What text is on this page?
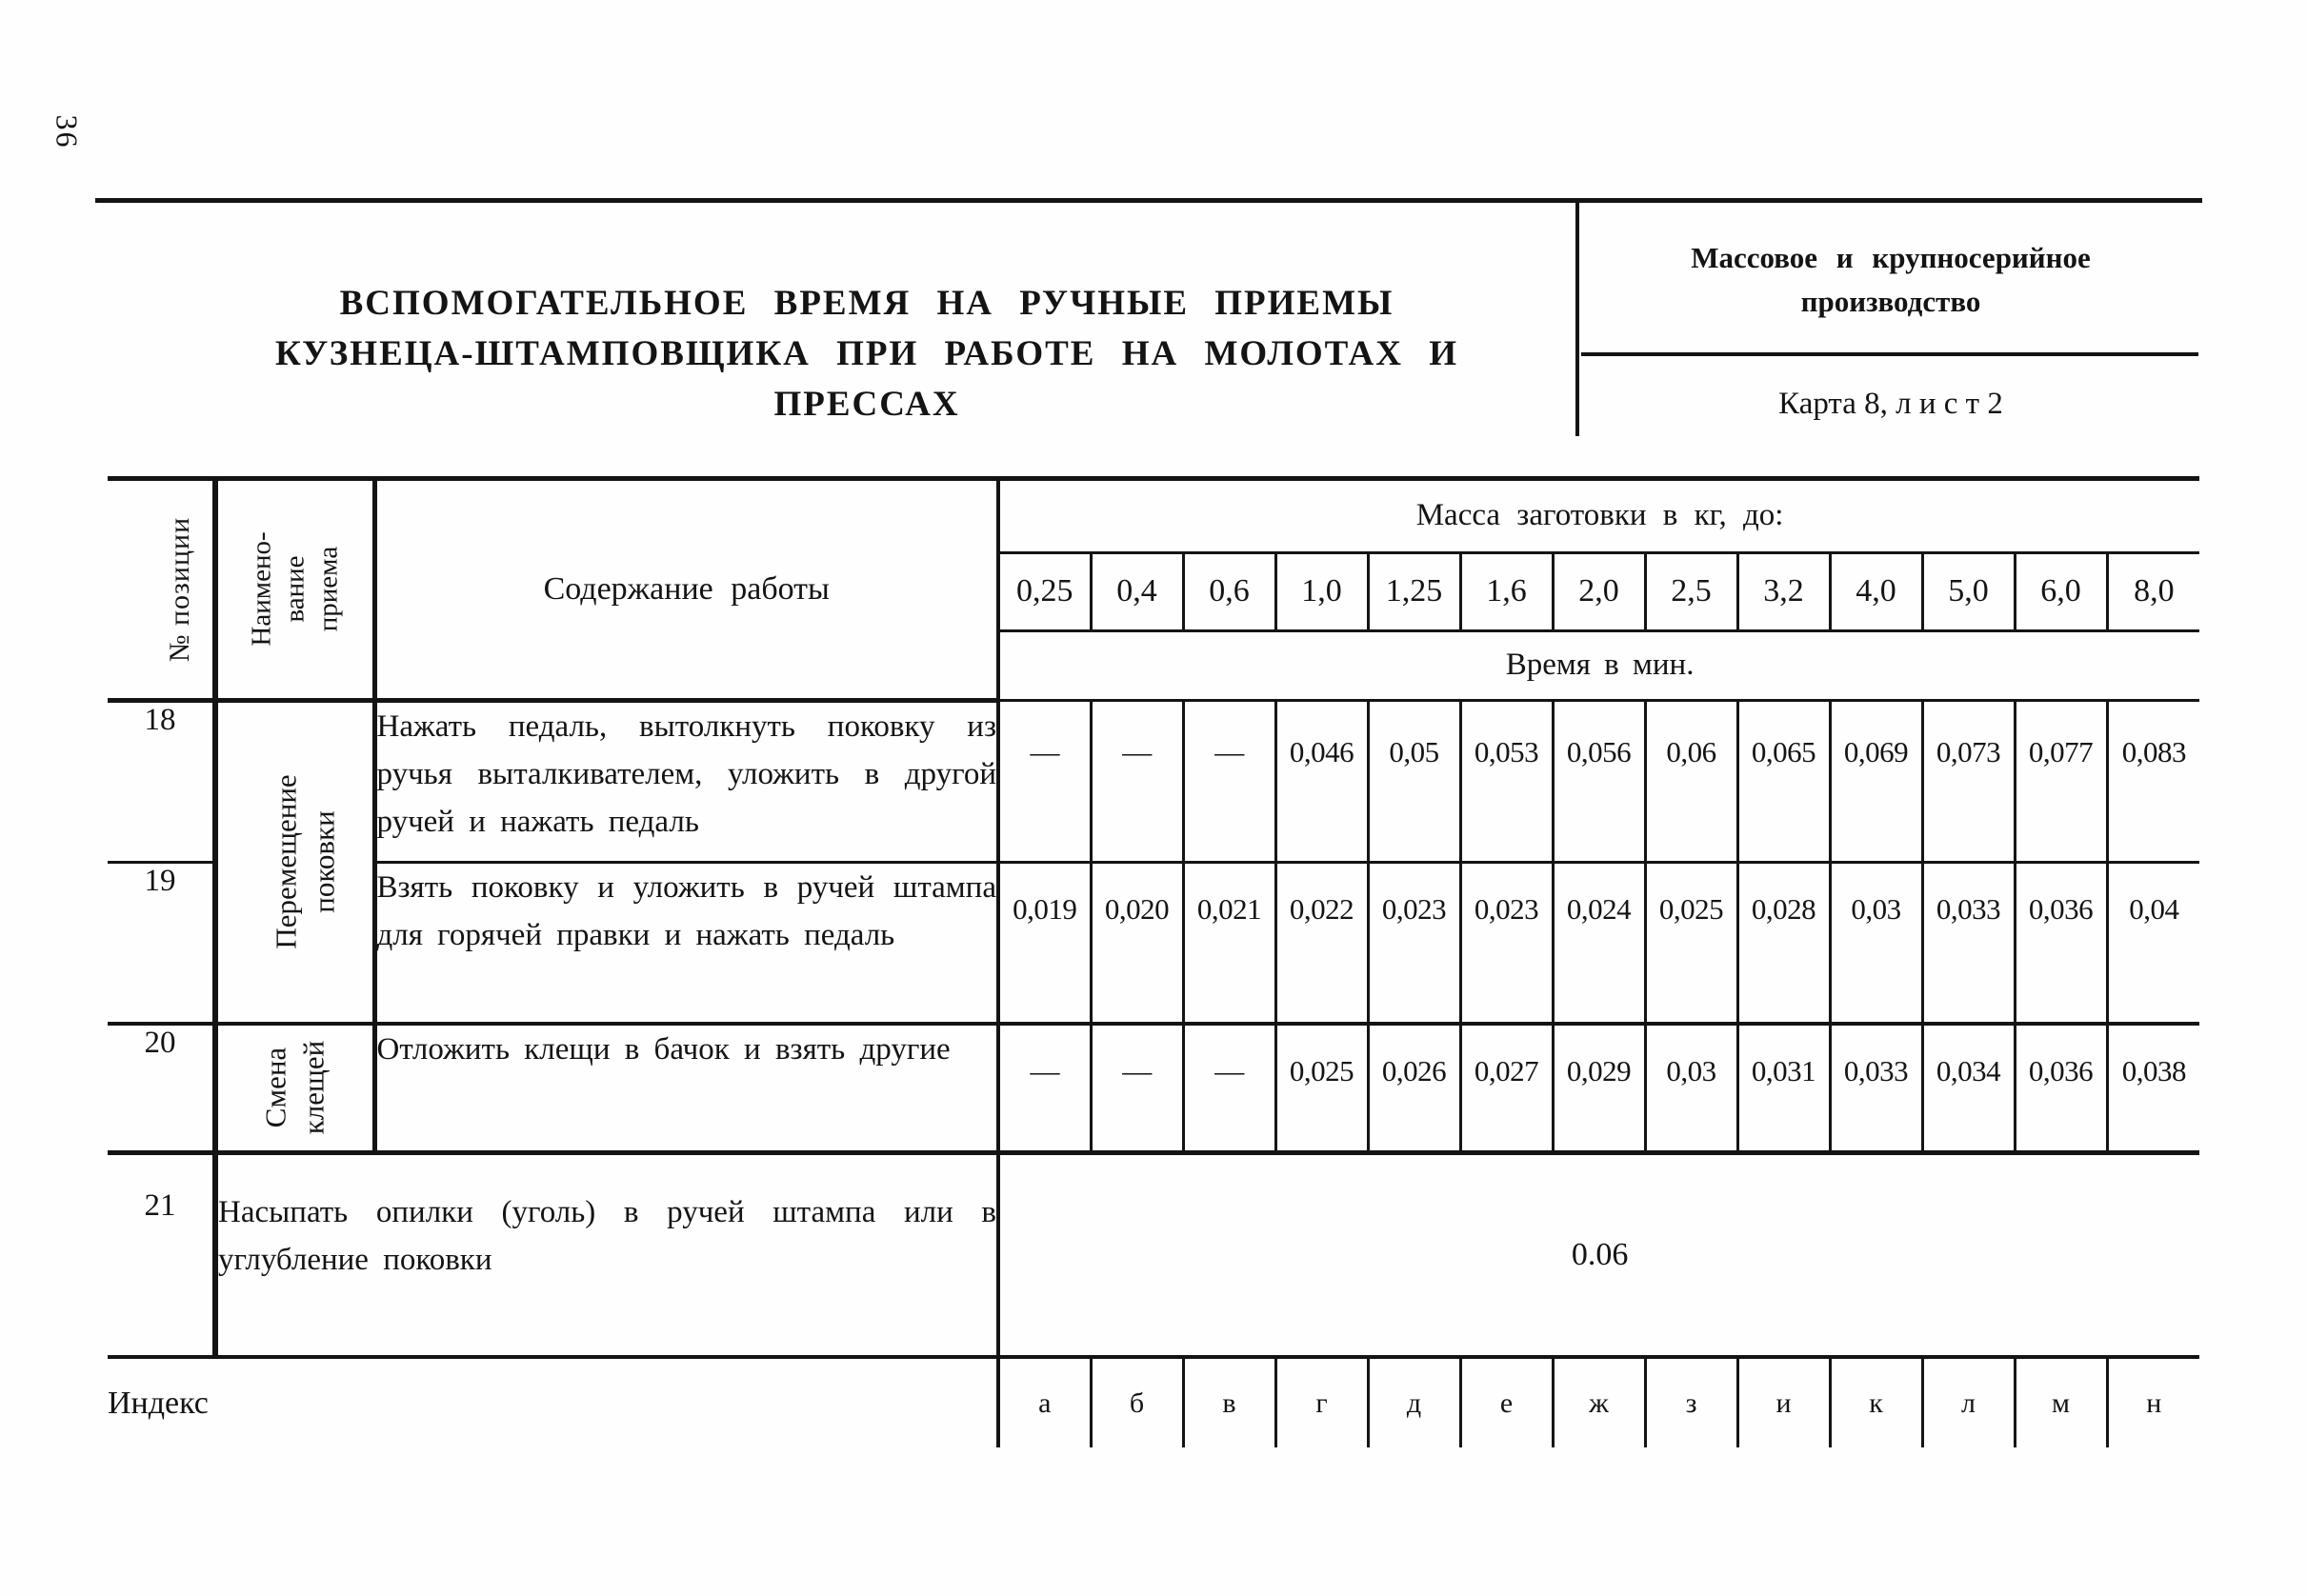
36
ВСПОМОГАТЕЛЬНОЕ ВРЕМЯ НА РУЧНЫЕ ПРИЕМЫ
КУЗНЕЦА-ШТАМПОВЩИКА ПРИ РАБОТЕ НА МОЛОТАХ И ПРЕССАХ
Массовое и крупносерийное производство
Карта 8, л и с т 2
№ позиции	Наимено- вание приема	Содержание работы	Масса заготовки в кг, до:												
			0,25	0,4	0,6	1,0	1,25	1,6	2,0	2,5	3,2	4,0	5,0	6,0	8,0
			Время в мин.												
18	Перемещение поковки	Нажать педаль, вытолкнуть поковку из ручья выталкивателем, уложить в другой ручей и нажать педаль	—	—	—	0,046	0,05	0,053	0,056	0,06	0,065	0,069	0,073	0,077	0,083
19		Взять поковку и уложить в ручей штампа для горячей правки и нажать педаль	0,019	0,020	0,021	0,022	0,023	0,023	0,024	0,025	0,028	0,03	0,033	0,036	0,04
20	Смена клещей	Отложить клещи в бачок и взять другие	—	—	—	0,025	0,026	0,027	0,029	0,03	0,031	0,033	0,034	0,036	0,038
21	Насыпать опилки (уголь) в ручей штампа или в углубление поковки		0.06												
Индекс			а	б	в	г	д	е	ж	з	и	к	л	м	н
